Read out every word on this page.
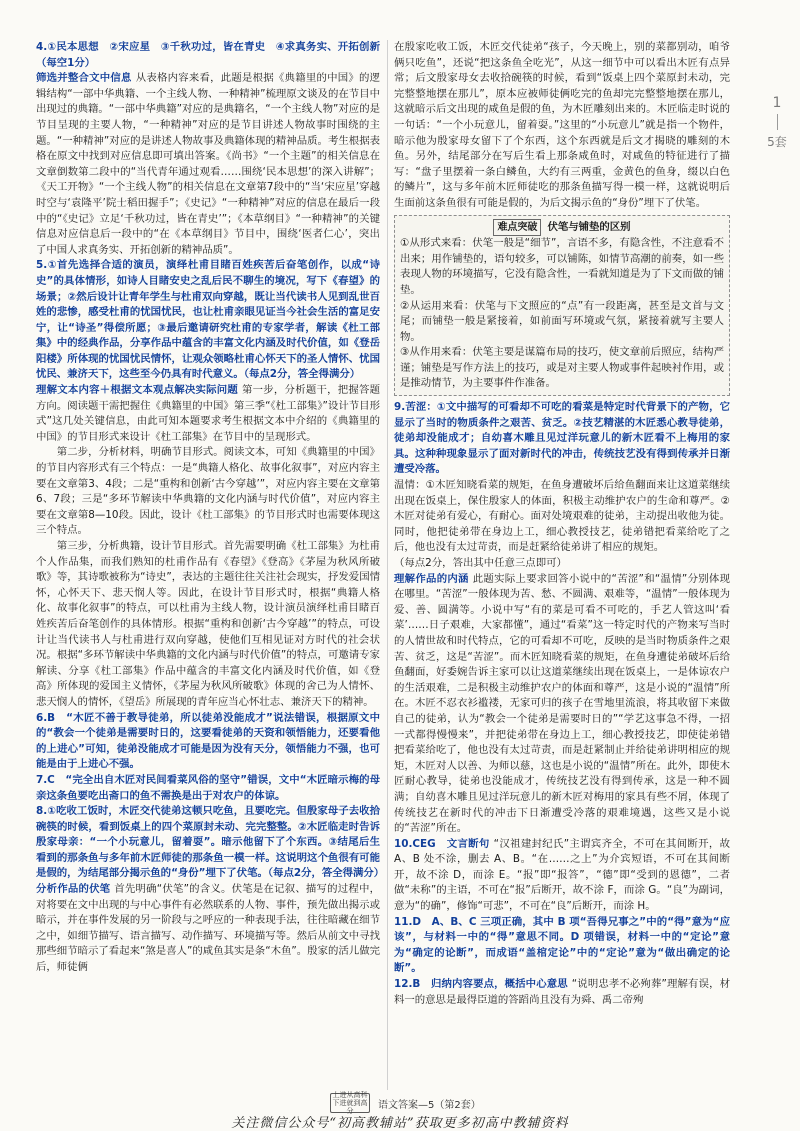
4.①民本思想　②宋应星　③千秋功过，皆在青史　④求真务实、开拓创新（每空1分）

筛选并整合文中信息 从表格内容来看，此题是根据《典籍里的中国》的逻辑结构“一部中华典籍、一个主线人物、一种精神”梳理原文谈及的在节目中出现过的典籍。“一部中华典籍”对应的是典籍名，“一个主线人物”对应的是节目呈现的主要人物，“一种精神”对应的是节目讲述人物故事时围绕的主题。“一种精神”对应的是讲述人物故事及典籍体现的精神品质。考生根据表格在原文中找到对应信息即可填出答案。《尚书》“一个主题”的相关信息在文章倒数第二段中的“当代青年通过观看……围绕‘民本思想’的深入讲解”；《天工开物》“一个主线人物”的相关信息在文章第7段中的“当‘宋应星’穿越时空与‘袁隆平’院士稻田握手”；《史记》“一种精神”对应的信息在最后一段中的“《史记》立足‘千秋功过，皆在青史’”；《本草纲目》“一种精神”的关键信息对应信息后一段中的“在《本草纲目》节目中，围绕‘医者仁心’，突出了中国人求真务实、开拓创新的精神品质”。

5.①首先选择合适的演员，演绎杜甫目睹百姓疾苦后奋笔创作，以成“诗史”的具体情形，如诗人目睹安史之乱后民不聊生的境况，写下《春望》的场景；②然后设计让青年学生与杜甫双向穿越，既让当代读书人见到乱世百姓的悲惨，感受杜甫的忧国忧民，也让杜甫亲眼见证当今社会生活的富足安宁，让“诗圣”得偿所愿；③最后邀请研究杜甫的专家学者，解读《杜工部集》中的经典作品，分享作品中蕴含的丰富文化内涵及时代价值，如《登岳阳楼》所体现的忧国忧民情怀，让观众领略杜甫心怀天下的圣人情怀、忧国忧民、兼济天下，这些至今仍具有时代意义。（每点2分，答全得满分）

理解文本内容＋根据文本观点解决实际问题 第一步，分析题干，把握答题方向。阅读题干需把握住《典籍里的中国》第三季“《杜工部集》”设计节目形式”这几处关键信息，由此可知本题要求考生根据文本中介绍的《典籍里的中国》的节目形式来设计《杜工部集》在节目中的呈现形式。

第二步，分析材料，明确节目形式。阅读文本，可知《典籍里的中国》的节目内容形式有三个特点：一是“典籍人格化、故事化叙事”，对应内容主要在文章第3、4段；二是“重构和创新‘古今穿越’”，对应内容主要在文章第6、7段；三是“多环节解读中华典籍的文化内涵与时代价值”，对应内容主要在文章第8—10段。因此，设计《杜工部集》的节目形式时也需要体现这三个特点。

第三步，分析典籍，设计节目形式。首先需要明确《杜工部集》为杜甫个人作品集，而我们熟知的杜甫作品有《春望》《登高》《茅屋为秋风所破歌》等，其诗歌被称为“诗史”，表达的主题往往关注社会现实，抒发爱国情怀，心怀天下、悲天悯人等。因此，在设计节目形式时，根据“典籍人格化、故事化叙事”的特点，可以杜甫为主线人物，设计演员演绎杜甫目睹百姓疾苦后奋笔创作的具体情形。根据“重构和创新‘古今穿越’”的特点，可设计让当代读书人与杜甫进行双向穿越，使他们互相见证对方时代的社会状况。根据“多环节解读中华典籍的文化内涵与时代价值”的特点，可邀请专家解读、分享《杜工部集》作品中蕴含的丰富文化内涵及时代价值，如《登高》所体现的爱国主义情怀，《茅屋为秋风所破歌》体现的舍己为人情怀、悲天悯人的情怀，《望岳》所展现的青年应当心怀壮志、兼济天下的精神。

6.B　“木匠不善于教导徒弟，所以徒弟没能成才”说法错误，根据原文中的“教会一个徒弟是需要时日的，这要看徒弟的天资和领悟能力，还要看他的上进心”可知，徒弟没能成才可能是因为没有天分，领悟能力不强，也可能是由于上进心不强。

7.C　“完全出自木匠对民间看菜风俗的坚守”错误，文中“木匠暗示梅的母亲这条鱼要吃出斋口的鱼不需换是出于对农户的体谅。

8.①吃收工饭时，木匠交代徒弟这顿只吃鱼，且要吃完。但殷家母子去收拾碗筷的时候，看到饭桌上的四个菜原封未动、完完整整。②木匠临走时告诉殷家母亲：“一个小玩意儿，留着耍”。暗示他留下了个东西。③结尾后生看到的那条鱼与多年前木匠师徒的那条鱼一模一样。这说明这个鱼很有可能是假的，为结尾部分揭示鱼的“身份”埋下了伏笔。（每点2分，答全得满分）

分析作品的伏笔 首先明确“伏笔”的含义。伏笔是在记叙、描写的过程中，对将要在文中出现的与中心事件有必然联系的人物、事件，预先做出揭示或暗示，并在事件发展的另一阶段与之呼应的一种表现手法，往往暗藏在细节之中，如细节描写、语言描写、动作描写、环境描写等。然后从前文中寻找那些细节暗示了看起来“煞是喜人”的咸鱼其实是条“木鱼”。殷家的活儿做完后，师徒俩

在殷家吃收工饭，木匠交代徒弟“孩子，今天晚上，别的菜都别动，咱爷俩只吃鱼”，还说“把这条鱼全吃光”，从这一细节中可以看出木匠有点异常；后文殷家母女去收拾碗筷的时候，看到“饭桌上四个菜原封未动，完完整整地摆在那儿”，原本应被师徒俩吃完的鱼却完完整整地摆在那儿，这就暗示后文出现的咸鱼是假的鱼，为木匠雕刻出来的。木匠临走时说的一句话：“一个小玩意儿，留着耍。”这里的“小玩意儿”就是指一个物件，暗示他为殷家母女留下了个东西，这个东西就是后文才揭晓的雕刻的木鱼。另外，结尾部分在写后生看上那条咸鱼时，对咸鱼的特征进行了描写：“盘子里摆着一条白鳞鱼，大约有三两重，金黄色的鱼身，缀以白色的鳞片”，这与多年前木匠师徒吃的那条鱼描写得一模一样，这就说明后生面前这条鱼很有可能是假的，为后文揭示鱼的“身份”埋下了伏笔。

难点突破 伏笔与铺垫的区别

①从形式来看：伏笔一般是“细节”，言语不多，有隐含性，不注意看不出来；用作铺垫的，语句较多，可以铺陈，如情节高潮的前奏，如一些表现人物的环境描写，它没有隐含性，一看就知道是为了下文而做的铺垫。

②从运用来看：伏笔与下文照应的“点”有一段距离，甚至是文首与文尾；而铺垫一般是紧接着，如前面写环境或气氛，紧接着就写主要人物。

③从作用来看：伏笔主要是谋篇布局的技巧，使文章前后照应，结构严谨；铺垫是写作方法上的技巧，或是对主要人物或事件起映衬作用，或是推动情节，为主要事件作准备。

9.苦涩：①文中描写的可看却不可吃的看菜是特定时代背景下的产物，它显示了当时的物质条件之艰苦、贫乏。②技艺精湛的木匠悉心教导徒弟，徒弟却没能成才；自幼喜木雕且见过洋玩意儿的新木匠看不上梅用的家具。这种种现象显示了面对新时代的冲击，传统技艺没有得到传承并日渐遭受冷落。

温情：①木匠知晓看菜的规矩，在鱼身遭破坏后给鱼翻面来让这道菜继续出现在饭桌上，保住殷家人的体面，积极主动维护农户的生命和尊严。②木匠对徒弟有爱心，有耐心。面对处境艰难的徒弟，主动提出收他为徒。同时，他把徒弟带在身边上工，细心教授技艺，徒弟错把看菜给吃了之后，他也没有太过苛责，而是赶紧给徒弟讲了相应的规矩。

（每点2分，答出其中任意三点即可）

理解作品的内涵 此题实际上要求回答小说中的“苦涩”和“温情”分别体现在哪里。“苦涩”一般体现为苦、愁、不圆满、艰难等，“温情”一般体现为爱、善、圆满等。小说中写“有的菜是可看不可吃的，手艺人管这叫‘看菜’……日子艰难，大家都懂”，通过“看菜”这一特定时代的产物来写当时的人情世故和时代特点，它的可看却不可吃，反映的是当时物质条件之艰苦、贫乏，这是“苦涩”。而木匠知晓看菜的规矩，在鱼身遭徒弟破坏后给鱼翻面，好委婉告诉主家可以让这道菜继续出现在饭桌上，一是体谅农户的生活艰难，二是积极主动维护农户的体面和尊严，这是小说的“温情”所在。木匠不忍衣衫褴褛，无家可归的孩子在雪地里流浪，将其收留下来做自己的徒弟，认为“教会一个徒弟是需要时日的”“学艺这事急不得，一招一式都得慢慢来”，并把徒弟带在身边上工，细心教授技艺，即使徒弟错把看菜给吃了，他也没有太过苛责，而是赶紧制止并给徒弟讲明相应的规矩，木匠对人以善、为师以慈，这也是小说的“温情”所在。此外，即使木匠耐心教导，徒弟也没能成才，传统技艺没有得到传承，这是一种不圆满；自幼喜木雕且见过洋玩意儿的新木匠对梅用的家具有些不屑，体现了传统技艺在新时代的冲击下日渐遭受冷落的艰难境遇，这些又是小说的“苦涩”所在。

10.CEG　文言断句 “汉祖建封纪氏”主谓宾齐全，不可在其间断开，故 A、B 处不涂，删去 A、B。“在……之上”为介宾短语，不可在其间断开，故不涂 D，而涂 E。“报”即“报答”，“德”即“受到的恩德”，二者做“未称”的主语，不可在“报”后断开，故不涂 F，而涂 G。“良”为副词，意为“的确”，修饰“可悲”，不可在“良”后断开，而涂 H。

11.D　A、B、C 三项正确，其中 B 项“吾得兄事之”中的“得”意为“应该”，与材料一中的“得”意思不同。D 项错误，材料一中的“定论”意为“确定的论断”，而成语“盖棺定论”中的“定论”意为“做出确定的论断”。

12.B　归纳内容要点，概括中心意思 “说明忠孝不必殉葬”理解有误，材料一的意思是最得臣道的答蹈尚且没有为舜、禹二帝殉

1
5套
上进从高科
下进就到高分
语文答案—5（第2套）
关注微信公众号“初高教辅站”获取更多初高中教辅资料
